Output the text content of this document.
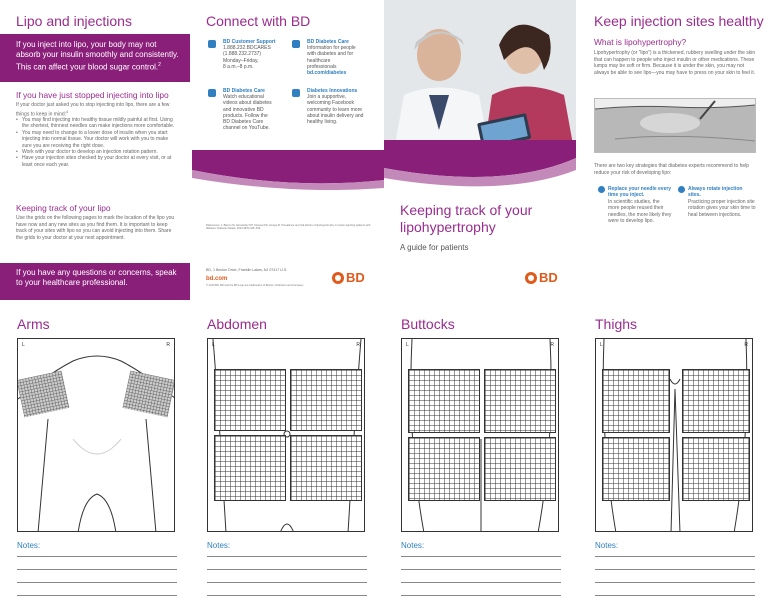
Lipo and injections
If you inject into lipo, your body may not absorb your insulin smoothly and consistently. This can affect your blood sugar control.$^2$
If you have just stopped injecting into lipo
If your doctor just asked you to stop injecting into lipo, there are a few things to keep in mind:$^4$
• You may find injecting into healthy tissue mildly painful at first. Using the shortest, thinnest needles can make injections more comfortable.
• You may need to change to a lower dose of insulin when you start injecting into normal tissue. Your doctor will work with you to make sure you are receiving the right dose.
• Work with your doctor to develop an injection rotation pattern.
• Have your injection sites checked by your doctor at every visit, or at least once each year.
Keeping track of your lipo
Use the grids on the following pages to mark the location of the lipo you have now and any new sites as you find them. It is important to keep track of your sites with lipo so you can avoid injecting into them. Share the grids to your doctor at your next appointment.
If you have any questions or concerns, speak to your healthcare professional.
Connect with BD
BD Customer Support
1.888.232.BDCARES
(1.888.232.2737)
Monday–Friday,
8 a.m.–8 p.m.
BD Diabetes Care
Information for people
with diabetes and for
healthcare
professionals
bd.com/diabetes
BD Diabetes Care
Watch educational
videos about diabetes
and innovative BD
products. Follow the
BD Diabetes Care
channel on YouTube.
Diabetes Innovations
Join a supportive,
welcoming Facebook
community to learn more
about insulin delivery and
healthy living.
References: 1. Blanco M, Hernández MT, Strauss KW, Amaya M. Prevalence and risk factors of lipohypertrophy in insulin-injecting patients with diabetes. Diabetes Metab. 2013;39(5):445–453.
BD, 1 Becton Drive, Franklin Lakes, NJ 07417 U.S.
bd.com
© 2019 BD. BD and the BD Logo are trademarks of Becton, Dickinson and Company.
BD
Keeping track of your lipohypertrophy
A guide for patients
BD
Keep injection sites healthy
What is lipohypertrophy?
Lipohypertrophy (or “lipo”) is a thickened, rubbery swelling under the skin that can happen to people who inject insulin or other medications. These lumps may be soft or firm. Because it is under the skin, you may not always be able to see lipo—you may have to press on your skin to feel it.
There are two key strategies that diabetes experts recommend to help reduce your risk of developing lipo:
Replace your needle every time you inject.
In scientific studies, the more people reused their needles, the more likely they were to develop lipo.
Always rotate injection sites.
Practicing proper injection site rotation gives your skin time to heal between injections.
Arms
L	R
Notes:
Abdomen
L	R
Notes:
Buttocks
L	R
Notes:
Thighs
L	R
Notes:
